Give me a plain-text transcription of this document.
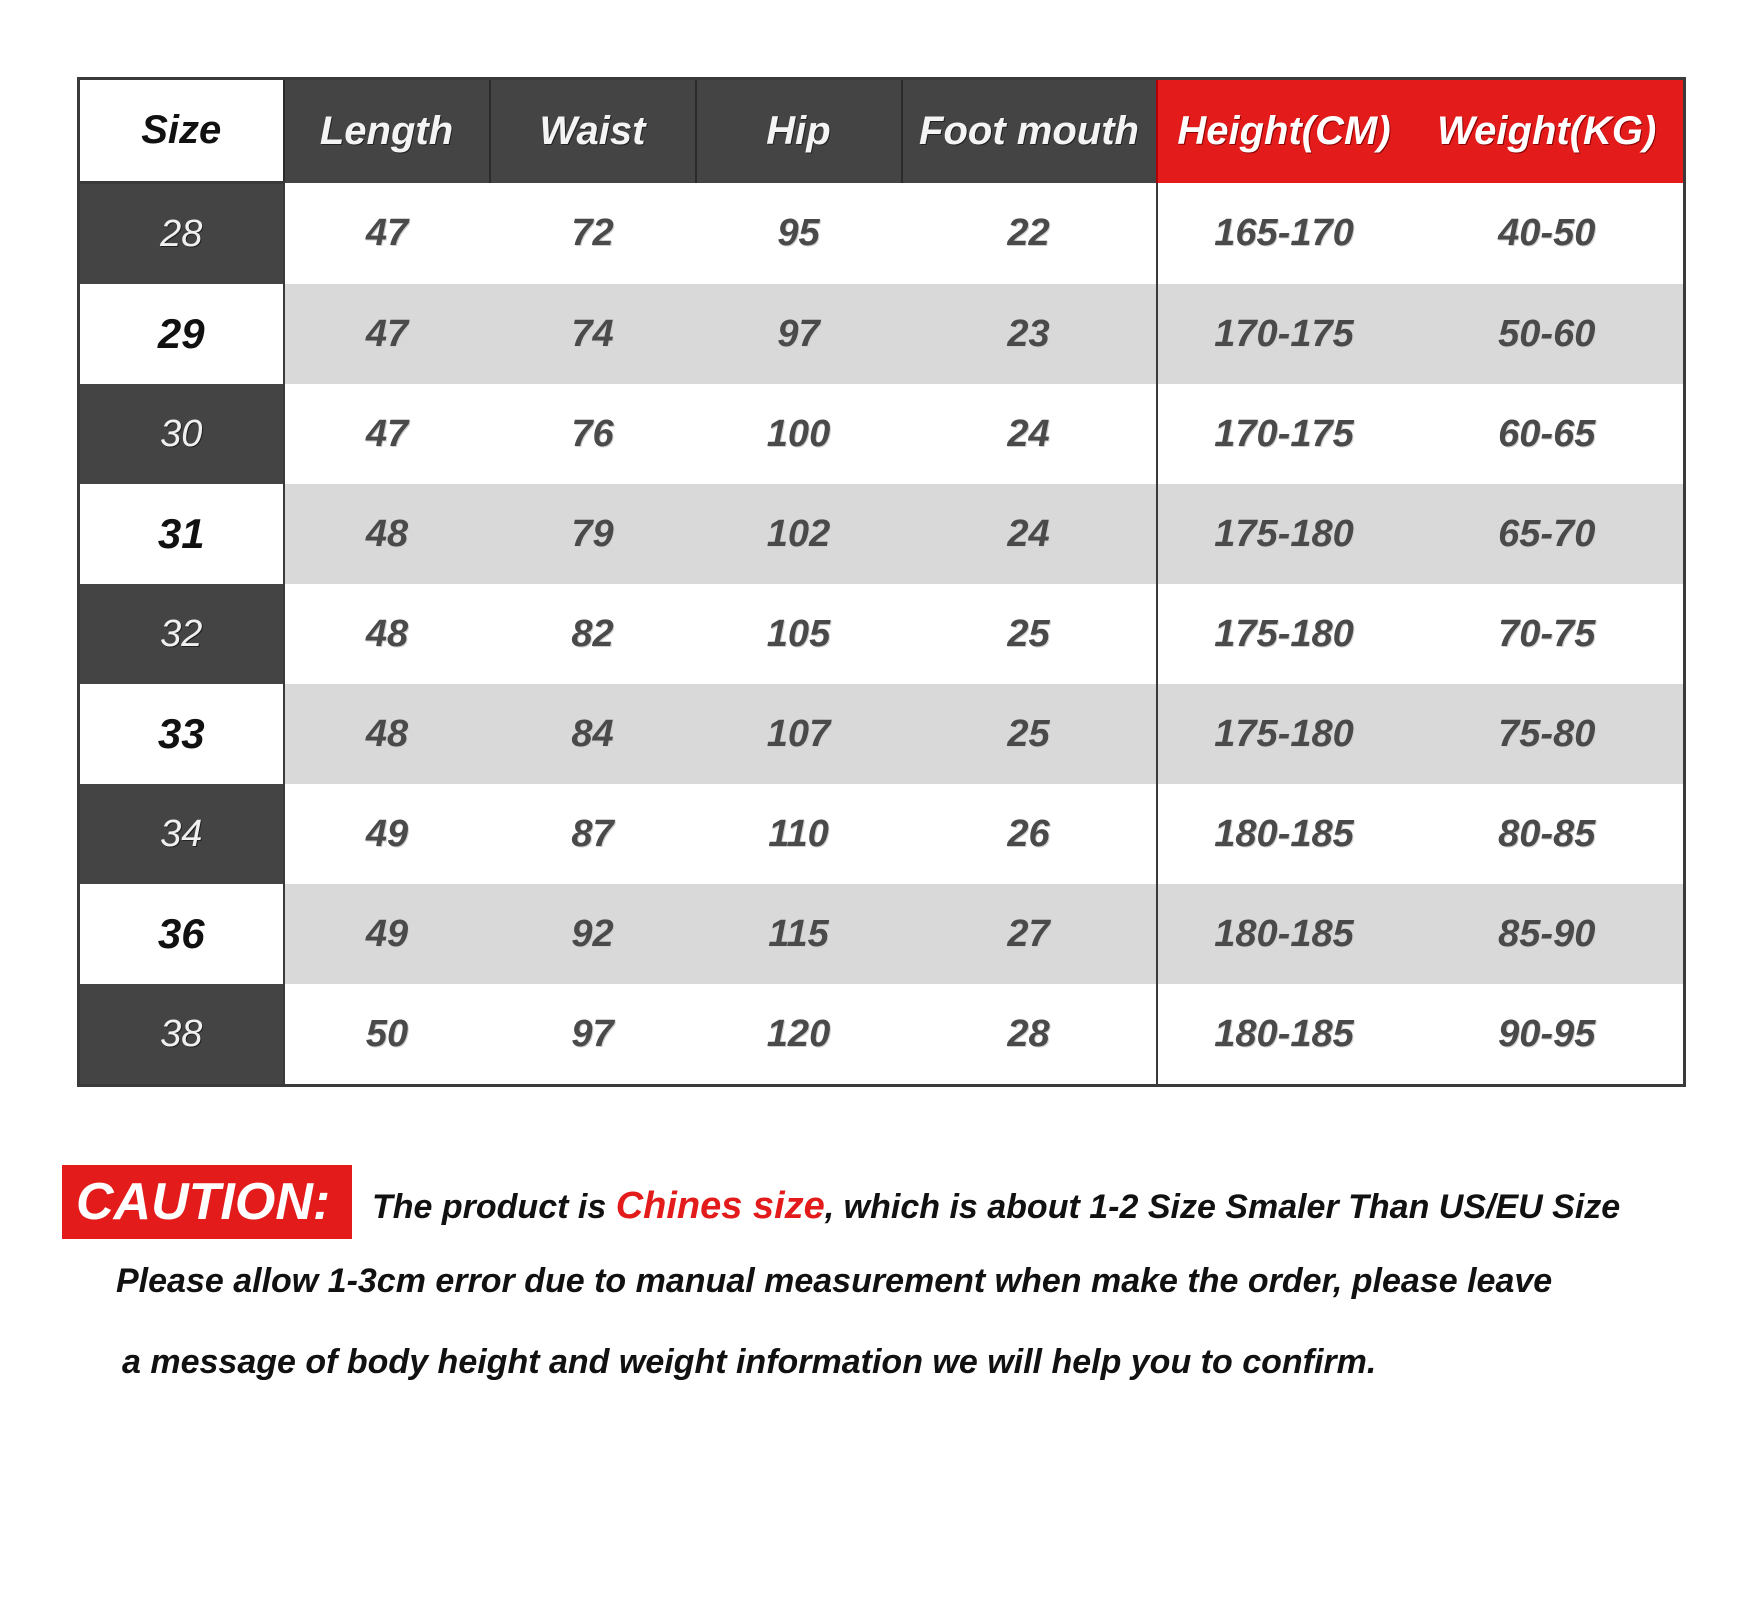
Size	Length	Waist	Hip	Foot mouth	Height(CM)	Weight(KG)
28	47	72	95	22	165-170	40-50
29	47	74	97	23	170-175	50-60
30	47	76	100	24	170-175	60-65
31	48	79	102	24	175-180	65-70
32	48	82	105	25	175-180	70-75
33	48	84	107	25	175-180	75-80
34	49	87	110	26	180-185	80-85
36	49	92	115	27	180-185	85-90
38	50	97	120	28	180-185	90-95
CAUTION:	The product is Chines size, which is about 1-2 Size Smaler Than US/EU Size
Please allow 1-3cm error due to manual measurement when make the order, please leave
a message of body height and weight information we will help you to confirm.
